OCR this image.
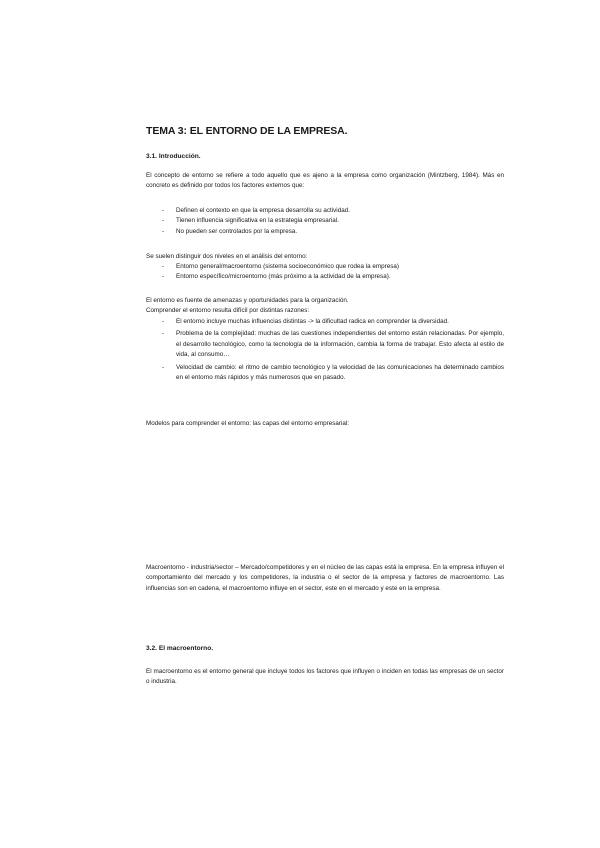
TEMA 3: EL ENTORNO DE LA EMPRESA.
3.1. Introducción.

El concepto de entorno se refiere a todo aquello que es ajeno a la empresa como organización (Mintzberg, 1984). Más en concreto es definido por todos los factores externos que:

- Definen el contexto en que la empresa desarrolla su actividad.
- Tienen influencia significativa en la estrategia empresarial.
- No pueden ser controlados por la empresa.

Se suelen distinguir dos niveles en el análisis del entorno:

- Entorno general/macroentorno (sistema socioeconómico que rodea la empresa)
- Entorno específico/microentorno (más próximo a la actividad de la empresa).

El entorno es fuente de amenazas y oportunidades para la organización.

Comprender el entorno resulta difícil por distintas razones:

- El entorno incluye muchas influencias distintas -> la dificultad radica en comprender la diversidad.
- Problema de la complejidad: muchas de las cuestiones independientes del entorno están relacionadas. Por ejemplo, el desarrollo tecnológico, como la tecnología de la información, cambia la forma de trabajar. Esto afecta al estilo de vida, al consumo…
- Velocidad de cambio: el ritmo de cambio tecnológico y la velocidad de las comunicaciones ha determinado cambios en el entorno más rápidos y más numerosos que en pasado.

Modelos para comprender el entorno: las capas del entorno empresarial:

Macroentorno - industria/sector – Mercado/competidores y en el núcleo de las capas está la empresa. En la empresa influyen el comportamiento del mercado y los competidores, la industria o el sector de la empresa y factores de macroentorno. Las influencias son en cadena, el macroentorno influye en el sector, este en el mercado y este en la empresa.

3.2. El macroentorno.

El macroentorno es el entorno general que incluye todos los factores que influyen o inciden en todas las empresas de un sector o industria.
